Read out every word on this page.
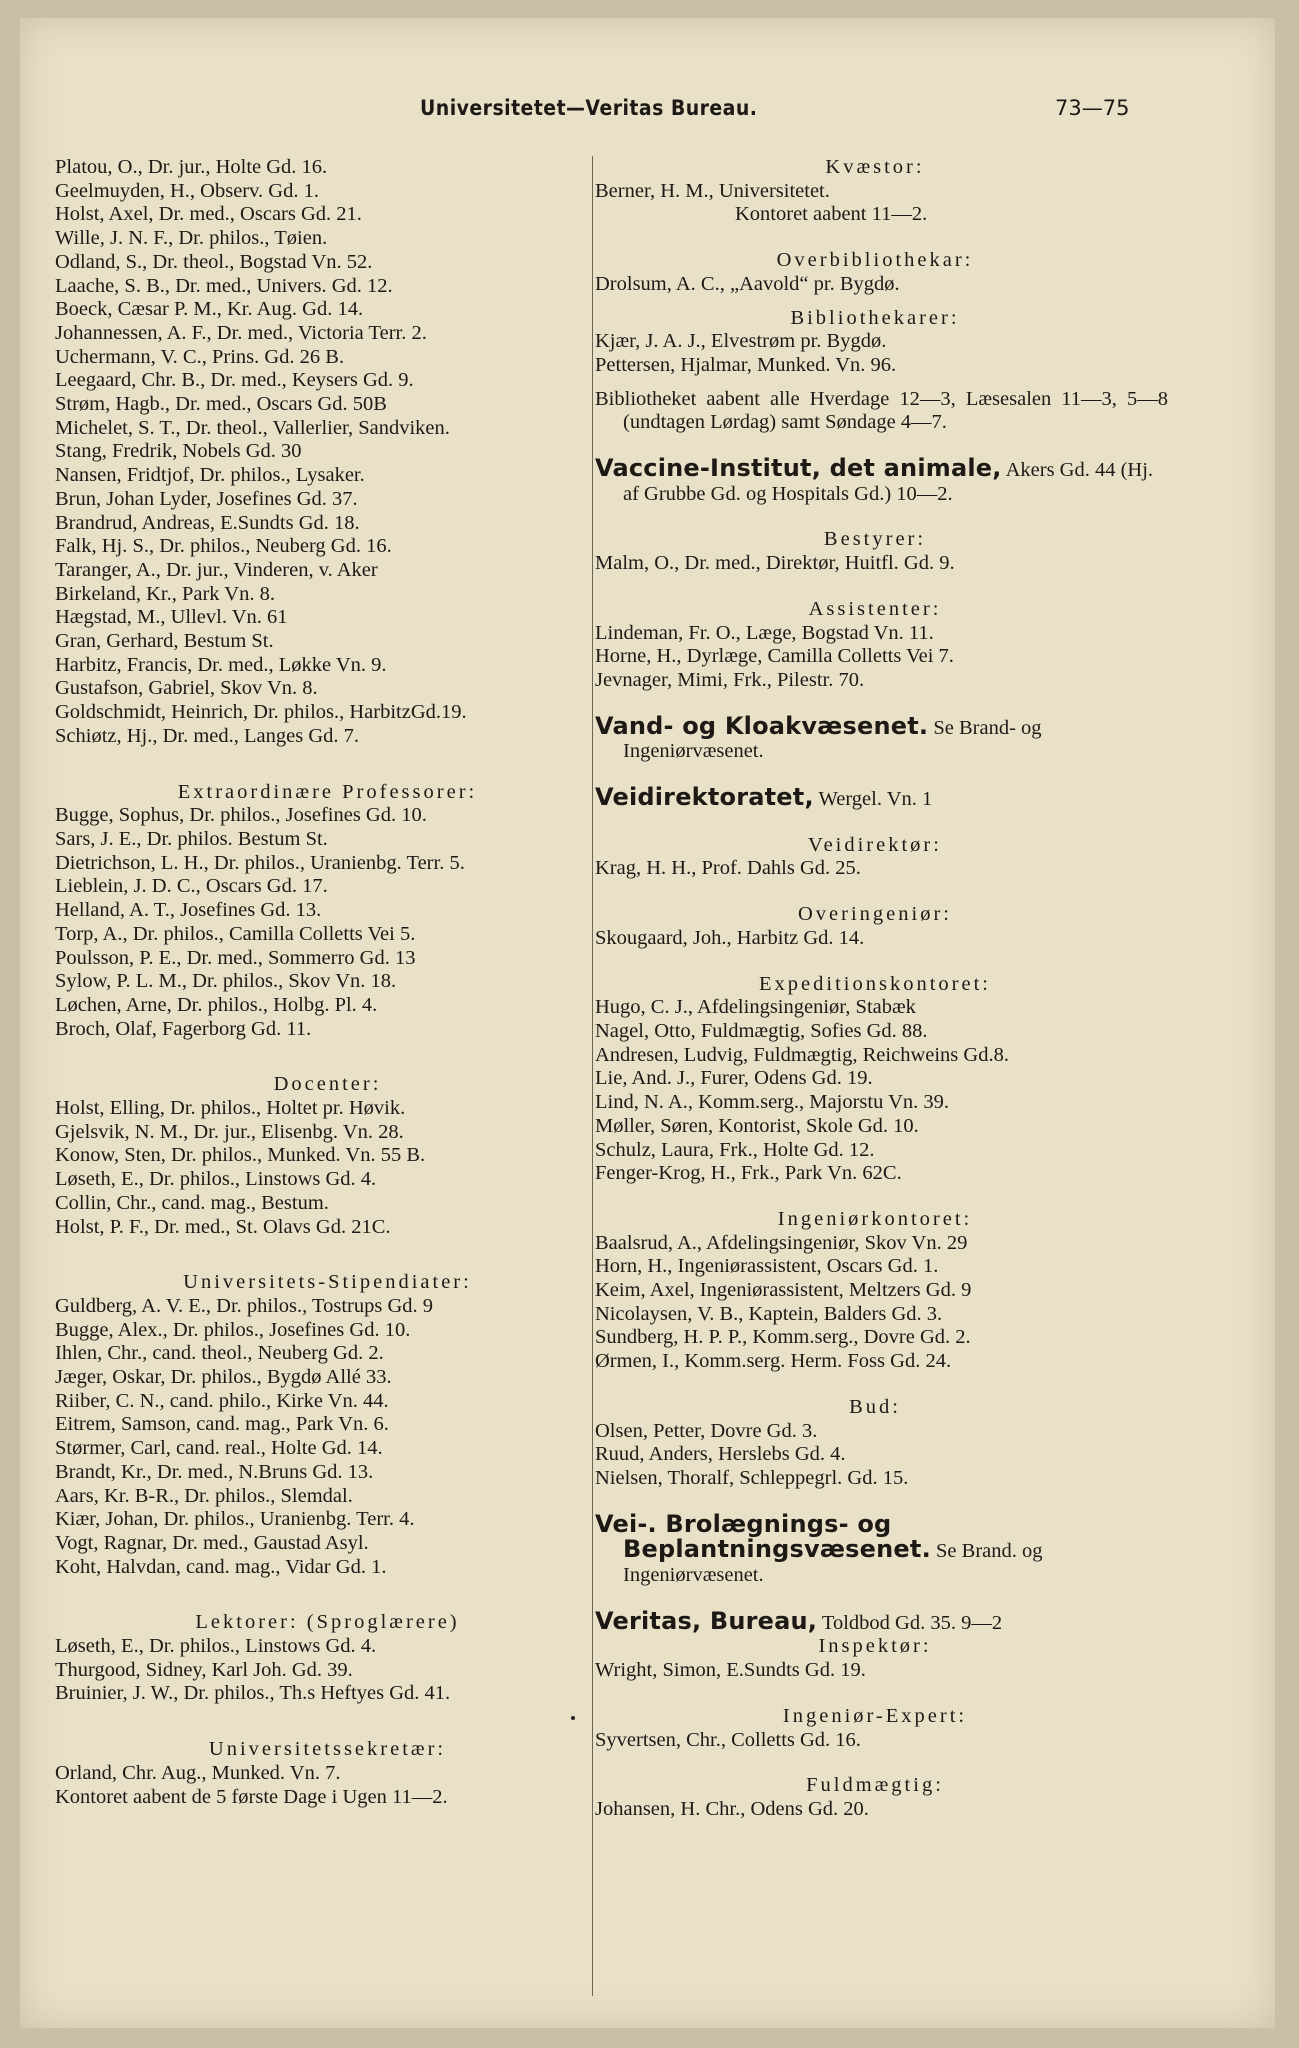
Universitetet—Veritas Bureau.	73—75

Platou, O., Dr. jur., Holte Gd. 16.

Geelmuyden, H., Observ. Gd. 1.

Holst, Axel, Dr. med., Oscars Gd. 21.

Wille, J. N. F., Dr. philos., Tøien.

Odland, S., Dr. theol., Bogstad Vn. 52.

Laache, S. B., Dr. med., Univers. Gd. 12.

Boeck, Cæsar P. M., Kr. Aug. Gd. 14.

Johannessen, A. F., Dr. med., Victoria Terr. 2.

Uchermann, V. C., Prins. Gd. 26 B.

Leegaard, Chr. B., Dr. med., Keysers Gd. 9.

Strøm, Hagb., Dr. med., Oscars Gd. 50B

Michelet, S. T., Dr. theol., Vallerlier, Sandviken.

Stang, Fredrik, Nobels Gd. 30

Nansen, Fridtjof, Dr. philos., Lysaker.

Brun, Johan Lyder, Josefines Gd. 37.

Brandrud, Andreas, E.Sundts Gd. 18.

Falk, Hj. S., Dr. philos., Neuberg Gd. 16.

Taranger, A., Dr. jur., Vinderen, v. Aker

Birkeland, Kr., Park Vn. 8.

Hægstad, M., Ullevl. Vn. 61

Gran, Gerhard, Bestum St.

Harbitz, Francis, Dr. med., Løkke Vn. 9.

Gustafson, Gabriel, Skov Vn. 8.

Goldschmidt, Heinrich, Dr. philos., HarbitzGd.19.

Schiøtz, Hj., Dr. med., Langes Gd. 7.

Extraordinære Professorer:

Bugge, Sophus, Dr. philos., Josefines Gd. 10.

Sars, J. E., Dr. philos. Bestum St.

Dietrichson, L. H., Dr. philos., Uranienbg. Terr. 5.

Lieblein, J. D. C., Oscars Gd. 17.

Helland, A. T., Josefines Gd. 13.

Torp, A., Dr. philos., Camilla Colletts Vei 5.

Poulsson, P. E., Dr. med., Sommerro Gd. 13

Sylow, P. L. M., Dr. philos., Skov Vn. 18.

Løchen, Arne, Dr. philos., Holbg. Pl. 4.

Broch, Olaf, Fagerborg Gd. 11.

Docenter:

Holst, Elling, Dr. philos., Holtet pr. Høvik.

Gjelsvik, N. M., Dr. jur., Elisenbg. Vn. 28.

Konow, Sten, Dr. philos., Munked. Vn. 55 B.

Løseth, E., Dr. philos., Linstows Gd. 4.

Collin, Chr., cand. mag., Bestum.

Holst, P. F., Dr. med., St. Olavs Gd. 21C.

Universitets-Stipendiater:

Guldberg, A. V. E., Dr. philos., Tostrups Gd. 9

Bugge, Alex., Dr. philos., Josefines Gd. 10.

Ihlen, Chr., cand. theol., Neuberg Gd. 2.

Jæger, Oskar, Dr. philos., Bygdø Allé 33.

Riiber, C. N., cand. philo., Kirke Vn. 44.

Eitrem, Samson, cand. mag., Park Vn. 6.

Størmer, Carl, cand. real., Holte Gd. 14.

Brandt, Kr., Dr. med., N.Bruns Gd. 13.

Aars, Kr. B-R., Dr. philos., Slemdal.

Kiær, Johan, Dr. philos., Uranienbg. Terr. 4.

Vogt, Ragnar, Dr. med., Gaustad Asyl.

Koht, Halvdan, cand. mag., Vidar Gd. 1.

Lektorer: (Sproglærere)

Løseth, E., Dr. philos., Linstows Gd. 4.

Thurgood, Sidney, Karl Joh. Gd. 39.

Bruinier, J. W., Dr. philos., Th.s Heftyes Gd. 41.

Universitetssekretær:

Orland, Chr. Aug., Munked. Vn. 7.

Kontoret aabent de 5 første Dage i Ugen 11—2.

Kvæstor:

Berner, H. M., Universitetet.

Kontoret aabent 11—2.

Overbibliothekar:

Drolsum, A. C., „Aavold“ pr. Bygdø.

Bibliothekarer:

Kjær, J. A. J., Elvestrøm pr. Bygdø.

Pettersen, Hjalmar, Munked. Vn. 96.

Bibliotheket aabent alle Hverdage 12—3, Læsesalen 11—3, 5—8 (undtagen Lørdag) samt Søndage 4—7.

Vaccine-Institut, det animale, Akers Gd. 44 (Hj. af Grubbe Gd. og Hospitals Gd.) 10—2.

Bestyrer:

Malm, O., Dr. med., Direktør, Huitfl. Gd. 9.

Assistenter:

Lindeman, Fr. O., Læge, Bogstad Vn. 11.

Horne, H., Dyrlæge, Camilla Colletts Vei 7.

Jevnager, Mimi, Frk., Pilestr. 70.

Vand- og Kloakvæsenet. Se Brand- og Ingeniørvæsenet.

Veidirektoratet, Wergel. Vn. 1

Veidirektør:

Krag, H. H., Prof. Dahls Gd. 25.

Overingeniør:

Skougaard, Joh., Harbitz Gd. 14.

Expeditionskontoret:

Hugo, C. J., Afdelingsingeniør, Stabæk

Nagel, Otto, Fuldmægtig, Sofies Gd. 88.

Andresen, Ludvig, Fuldmægtig, Reichweins Gd.8.

Lie, And. J., Furer, Odens Gd. 19.

Lind, N. A., Komm.serg., Majorstu Vn. 39.

Møller, Søren, Kontorist, Skole Gd. 10.

Schulz, Laura, Frk., Holte Gd. 12.

Fenger-Krog, H., Frk., Park Vn. 62C.

Ingeniørkontoret:

Baalsrud, A., Afdelingsingeniør, Skov Vn. 29

Horn, H., Ingeniørassistent, Oscars Gd. 1.

Keim, Axel, Ingeniørassistent, Meltzers Gd. 9

Nicolaysen, V. B., Kaptein, Balders Gd. 3.

Sundberg, H. P. P., Komm.serg., Dovre Gd. 2.

Ørmen, I., Komm.serg. Herm. Foss Gd. 24.

Bud:

Olsen, Petter, Dovre Gd. 3.

Ruud, Anders, Herslebs Gd. 4.

Nielsen, Thoralf, Schleppegrl. Gd. 15.

Vei-. Brolægnings- og Beplantningsvæsenet. Se Brand. og Ingeniørvæsenet.

Veritas, Bureau, Toldbod Gd. 35. 9—2

Inspektør:

Wright, Simon, E.Sundts Gd. 19.

Ingeniør-Expert:

Syvertsen, Chr., Colletts Gd. 16.

Fuldmægtig:

Johansen, H. Chr., Odens Gd. 20.
